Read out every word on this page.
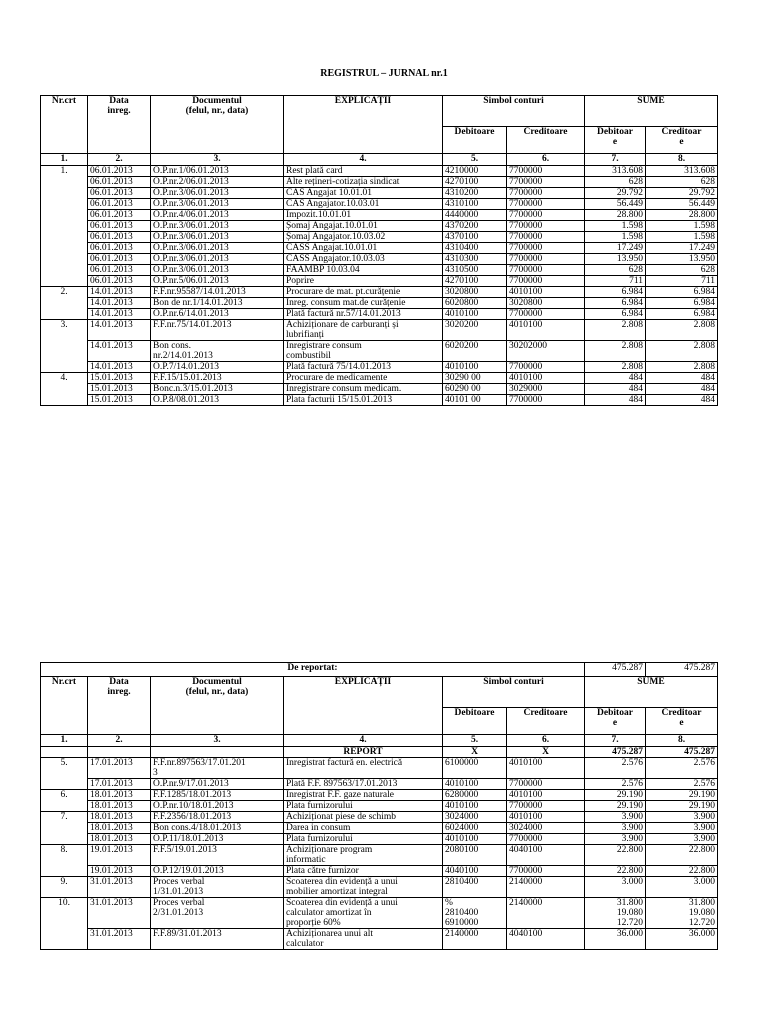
REGISTRUL – JURNAL nr.1
Nr.crt	Data
inreg.	Documentul
(felul, nr., data)	EXPLICAȚII	Simbol conturi		SUME	
				Debitoare	Creditoare	Debitoar
e	Creditoar
e
1.	2.	3.	4.	5.	6.	7.	8.
1.	06.01.2013	O.P.nr.1/06.01.2013	Rest plată card	4210000	7700000	313.608	313.608
	06.01.2013	O.P.nr.2/06.01.2013	Alte rețineri-cotizația sindicat	4270100	7700000	628	628
	06.01.2013	O.P.nr.3/06.01.2013	CAS Angajat 10.01.01	4310200	7700000	29.792	29.792
	06.01.2013	O.P.nr.3/06.01.2013	CAS Angajator.10.03.01	4310100	7700000	56.449	56.449
	06.01.2013	O.P.nr.4/06.01.2013	Impozit.10.01.01	4440000	7700000	28.800	28.800
	06.01.2013	O.P.nr.3/06.01.2013	Șomaj Angajat.10.01.01	4370200	7700000	1.598	1.598
	06.01.2013	O.P.nr.3/06.01.2013	Șomaj Angajator.10.03.02	4370100	7700000	1.598	1.598
	06.01.2013	O.P.nr.3/06.01.2013	CASS Angajat.10.01.01	4310400	7700000	17.249	17.249
	06.01.2013	O.P.nr.3/06.01.2013	CASS Angajator.10.03.03	4310300	7700000	13.950	13.950
	06.01.2013	O.P.nr.3/06.01.2013	FAAMBP 10.03.04	4310500	7700000	628	628
	06.01.2013	O.P.nr.5/06.01.2013	Poprire	4270100	7700000	711	711
2.	14.01.2013	F.F.nr.95587/14.01.2013	Procurare de mat. pt.curățenie	3020800	4010100	6.984	6.984
	14.01.2013	Bon de nr.1/14.01.2013	Inreg. consum mat.de curățenie	6020800	3020800	6.984	6.984
	14.01.2013	O.P.nr.6/14.01.2013	Plată factură nr.57/14.01.2013	4010100	7700000	6.984	6.984
3.	14.01.2013	F.F.nr.75/14.01.2013	Achiziționare de carburanți și
lubrifianți	3020200	4010100	2.808	2.808
	14.01.2013	Bon cons.
nr.2/14.01.2013	Inregistrare consum
combustibil	6020200	30202000	2.808	2.808
	14.01.2013	O.P.7/14.01.2013	Plată factură 75/14.01.2013	4010100	7700000	2.808	2.808
4.	15.01.2013	F.F.15/15.01.2013	Procurare de medicamente	30290 00	4010100	484	484
	15.01.2013	Bonc.n.3/15.01.2013	Inregistrare consum medicam.	60290 00	3029000	484	484
	15.01.2013	O.P.8/08.01.2013	Plata facturii 15/15.01.2013	40101 00	7700000	484	484
De reportat:						475.287	475.287
Nr.crt	Data
inreg.	Documentul
(felul, nr., data)	EXPLICAȚII	Simbol conturi		SUME	
				Debitoare	Creditoare	Debitoar
e	Creditoar
e
1.	2.	3.	4.	5.	6.	7.	8.
			REPORT	X	X	475.287	475.287
5.	17.01.2013	F.F.nr.897563/17.01.201
3	Inregistrat factură en. electrică	6100000	4010100	2.576	2.576
	17.01.2013	O.P.nr.9/17.01.2013	Plată F.F. 897563/17.01.2013	4010100	7700000	2.576	2.576
6.	18.01.2013	F.F.1285/18.01.2013	Inregistrat F.F. gaze naturale	6280000	4010100	29.190	29.190
	18.01.2013	O.P.nr.10/18.01.2013	Plata furnizorului	4010100	7700000	29.190	29.190
7.	18.01.2013	F.F.2356/18.01.2013	Achiziționat piese de schimb	3024000	4010100	3.900	3.900
	18.01.2013	Bon cons.4/18.01.2013	Darea in consum	6024000	3024000	3.900	3.900
	18.01.2013	O.P.11/18.01.2013	Plata furnizorului	4010100	7700000	3.900	3.900
8.	19.01.2013	F.F.5/19.01.2013	Achiziționare program
informatic	2080100	4040100	22.800	22.800
	19.01.2013	O.P.12/19.01.2013	Plata către furnizor	4040100	7700000	22.800	22.800
9.	31.01.2013	Proces verbal
1/31.01.2013	Scoaterea din evidență a unui
mobilier amortizat integral	2810400	2140000	3.000	3.000
10.	31.01.2013	Proces verbal
2/31.01.2013	Scoaterea din evidență a unui
calculator amortizat în
proporție 60%	%
2810400
6910000	2140000	31.800
19.080
12.720	31.800
19.080
12.720
	31.01.2013	F.F.89/31.01.2013	Achiziționarea unui alt
calculator	2140000	4040100	36.000	36.000
